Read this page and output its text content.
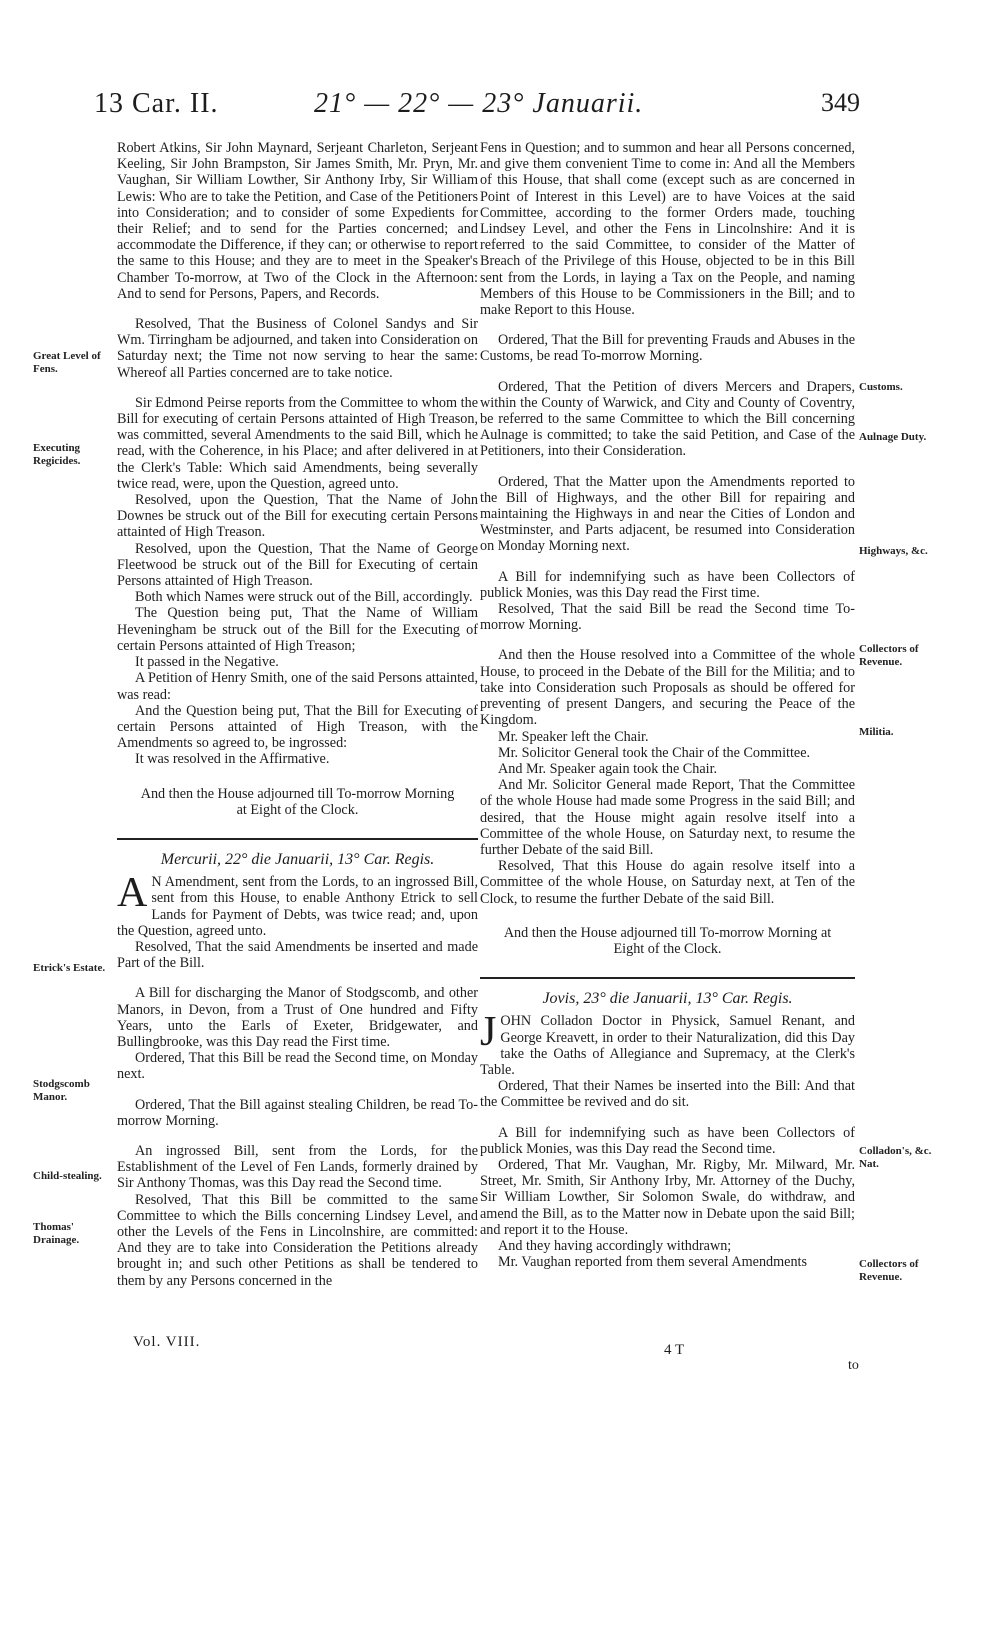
13 Car. II.	21° — 22° — 23° Januarii.	349
Great Level of Fens.
Executing Regicides.
Etrick's Estate.
Stodgscomb Manor.
Child-stealing.
Thomas' Drainage.
Customs.
Aulnage Duty.
Highways, &c.
Collectors of Revenue.
Militia.
Colladon's, &c. Nat.
Collectors of Revenue.

Robert Atkins, Sir John Maynard, Serjeant Charleton, Serjeant Keeling, Sir John Brampston, Sir James Smith, Mr. Pryn, Mr. Vaughan, Sir William Lowther, Sir Anthony Irby, Sir William Lewis: Who are to take the Petition, and Case of the Petitioners into Consideration; and to consider of some Expedients for their Relief; and to send for the Parties concerned; and accommodate the Difference, if they can; or otherwise to report the same to this House; and they are to meet in the Speaker's Chamber To-morrow, at Two of the Clock in the Afternoon: And to send for Persons, Papers, and Records.

Resolved, That the Business of Colonel Sandys and Sir Wm. Tirringham be adjourned, and taken into Consideration on Saturday next; the Time not now serving to hear the same: Whereof all Parties concerned are to take notice.

Sir Edmond Peirse reports from the Committee to whom the Bill for executing of certain Persons attainted of High Treason, was committed, several Amendments to the said Bill, which he read, with the Coherence, in his Place; and after delivered in at the Clerk's Table: Which said Amendments, being severally twice read, were, upon the Question, agreed unto.

Resolved, upon the Question, That the Name of John Downes be struck out of the Bill for executing certain Persons attainted of High Treason.

Resolved, upon the Question, That the Name of George Fleetwood be struck out of the Bill for Executing of certain Persons attainted of High Treason.

Both which Names were struck out of the Bill, accordingly.

The Question being put, That the Name of William Heveningham be struck out of the Bill for the Executing of certain Persons attainted of High Treason;

It passed in the Negative.

A Petition of Henry Smith, one of the said Persons attainted, was read:

And the Question being put, That the Bill for Executing of certain Persons attainted of High Treason, with the Amendments so agreed to, be ingrossed:

It was resolved in the Affirmative.

And then the House adjourned till To-morrow Morning at Eight of the Clock.

Mercurii, 22° die Januarii, 13° Car. Regis.

A N Amendment, sent from the Lords, to an ingrossed Bill, sent from this House, to enable Anthony Etrick to sell Lands for Payment of Debts, was twice read; and, upon the Question, agreed unto.

Resolved, That the said Amendments be inserted and made Part of the Bill.

A Bill for discharging the Manor of Stodgscomb, and other Manors, in Devon, from a Trust of One hundred and Fifty Years, unto the Earls of Exeter, Bridgewater, and Bullingbrooke, was this Day read the First time.

Ordered, That this Bill be read the Second time, on Monday next.

Ordered, That the Bill against stealing Children, be read To-morrow Morning.

An ingrossed Bill, sent from the Lords, for the Establishment of the Level of Fen Lands, formerly drained by Sir Anthony Thomas, was this Day read the Second time.

Resolved, That this Bill be committed to the same Committee to which the Bills concerning Lindsey Level, and other the Levels of the Fens in Lincolnshire, are committed: And they are to take into Consideration the Petitions already brought in; and such other Petitions as shall be tendered to them by any Persons concerned in the

Fens in Question; and to summon and hear all Persons concerned, and give them convenient Time to come in: And all the Members of this House, that shall come (except such as are concerned in Point of Interest in this Level) are to have Voices at the said Committee, according to the former Orders made, touching Lindsey Level, and other the Fens in Lincolnshire: And it is referred to the said Committee, to consider of the Matter of Breach of the Privilege of this House, objected to be in this Bill sent from the Lords, in laying a Tax on the People, and naming Members of this House to be Commissioners in the Bill; and to make Report to this House.

Ordered, That the Bill for preventing Frauds and Abuses in the Customs, be read To-morrow Morning.

Ordered, That the Petition of divers Mercers and Drapers, within the County of Warwick, and City and County of Coventry, be referred to the same Committee to which the Bill concerning Aulnage is committed; to take the said Petition, and Case of the Petitioners, into their Consideration.

Ordered, That the Matter upon the Amendments reported to the Bill of Highways, and the other Bill for repairing and maintaining the Highways in and near the Cities of London and Westminster, and Parts adjacent, be resumed into Consideration on Monday Morning next.

A Bill for indemnifying such as have been Collectors of publick Monies, was this Day read the First time.

Resolved, That the said Bill be read the Second time To-morrow Morning.

And then the House resolved into a Committee of the whole House, to proceed in the Debate of the Bill for the Militia; and to take into Consideration such Proposals as should be offered for preventing of present Dangers, and securing the Peace of the Kingdom.

Mr. Speaker left the Chair.

Mr. Solicitor General took the Chair of the Committee.

And Mr. Speaker again took the Chair.

And Mr. Solicitor General made Report, That the Committee of the whole House had made some Progress in the said Bill; and desired, that the House might again resolve itself into a Committee of the whole House, on Saturday next, to resume the further Debate of the said Bill.

Resolved, That this House do again resolve itself into a Committee of the whole House, on Saturday next, at Ten of the Clock, to resume the further Debate of the said Bill.

And then the House adjourned till To-morrow Morning at Eight of the Clock.

Jovis, 23° die Januarii, 13° Car. Regis.

JOHN Colladon Doctor in Physick, Samuel Renant, and George Kreavett, in order to their Naturalization, did this Day take the Oaths of Allegiance and Supremacy, at the Clerk's Table.

Ordered, That their Names be inserted into the Bill: And that the Committee be revived and do sit.

A Bill for indemnifying such as have been Collectors of publick Monies, was this Day read the Second time.

Ordered, That Mr. Vaughan, Mr. Rigby, Mr. Milward, Mr. Street, Mr. Smith, Sir Anthony Irby, Mr. Attorney of the Duchy, Sir William Lowther, Sir Solomon Swale, do withdraw, and amend the Bill, as to the Matter now in Debate upon the said Bill; and report it to the House.

And they having accordingly withdrawn;

Mr. Vaughan reported from them several Amendments

Vol. VIII.	4 T
to
